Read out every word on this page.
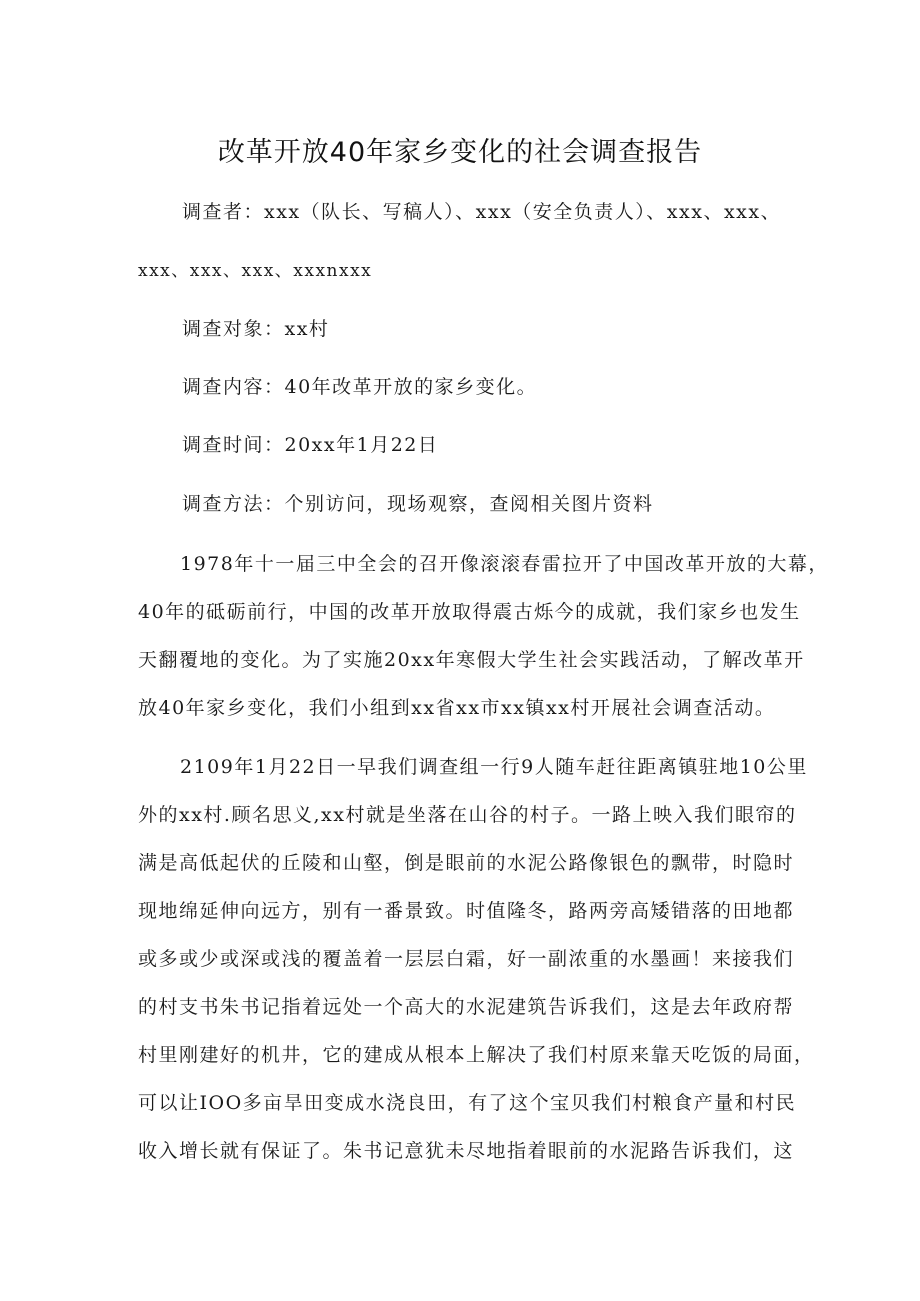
改革开放40年家乡变化的社会调查报告
调查者：xxx（队长、写稿人）、xxx（安全负责人）、xxx、xxx、
xxx、xxx、xxx、xxxnxxx
调查对象：xx村
调查内容：40年改革开放的家乡变化。
调查时间：20xx年1月22日
调查方法：个别访问，现场观察，查阅相关图片资料
1978年十一届三中全会的召开像滚滚春雷拉开了中国改革开放的大幕，
40年的砥砺前行，中国的改革开放取得震古烁今的成就，我们家乡也发生
天翻覆地的变化。为了实施20xx年寒假大学生社会实践活动，了解改革开
放40年家乡变化，我们小组到xx省xx市xx镇xx村开展社会调查活动。
2109年1月22日一早我们调查组一行9人随车赶往距离镇驻地10公里
外的xx村.顾名思义,xx村就是坐落在山谷的村子。一路上映入我们眼帘的
满是高低起伏的丘陵和山壑，倒是眼前的水泥公路像银色的飘带，时隐时
现地绵延伸向远方，别有一番景致。时值隆冬，路两旁高矮错落的田地都
或多或少或深或浅的覆盖着一层层白霜，好一副浓重的水墨画！来接我们
的村支书朱书记指着远处一个高大的水泥建筑告诉我们，这是去年政府帮
村里刚建好的机井，它的建成从根本上解决了我们村原来靠天吃饭的局面，
可以让IOO多亩旱田变成水浇良田，有了这个宝贝我们村粮食产量和村民
收入增长就有保证了。朱书记意犹未尽地指着眼前的水泥路告诉我们，这
